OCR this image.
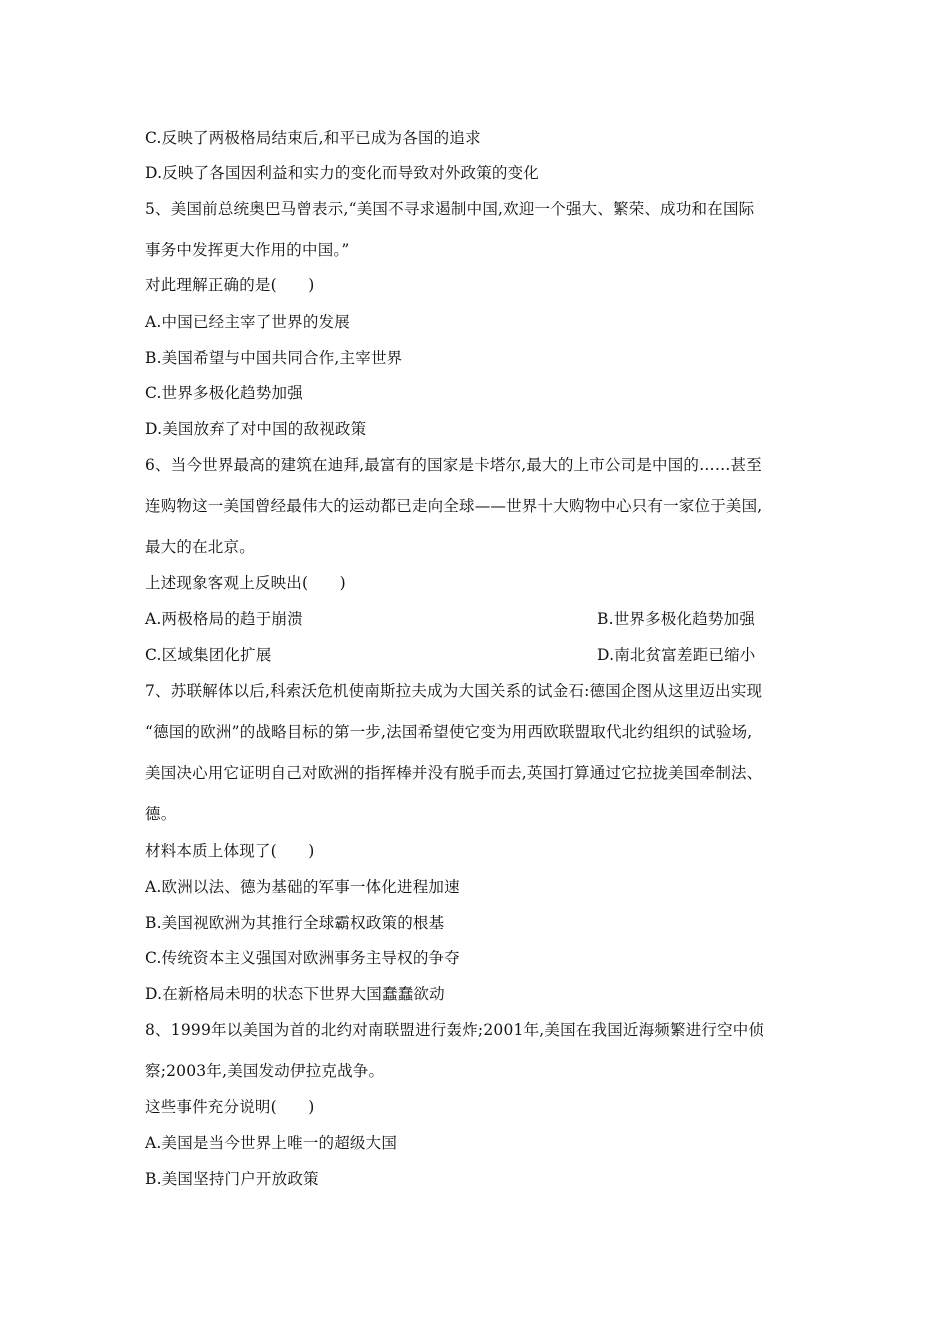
C.反映了两极格局结束后,和平已成为各国的追求
D.反映了各国因利益和实力的变化而导致对外政策的变化
5、美国前总统奥巴马曾表示,“美国不寻求遏制中国,欢迎一个强大、繁荣、成功和在国际
事务中发挥更大作用的中国。”
对此理解正确的是(　　)
A.中国已经主宰了世界的发展
B.美国希望与中国共同合作,主宰世界
C.世界多极化趋势加强
D.美国放弃了对中国的敌视政策
6、当今世界最高的建筑在迪拜,最富有的国家是卡塔尔,最大的上市公司是中国的……甚至
连购物这一美国曾经最伟大的运动都已走向全球——世界十大购物中心只有一家位于美国,
最大的在北京。
上述现象客观上反映出(　　)
A.两极格局的趋于崩溃	B.世界多极化趋势加强
C.区域集团化扩展	D.南北贫富差距已缩小
7、苏联解体以后,科索沃危机使南斯拉夫成为大国关系的试金石:德国企图从这里迈出实现
“德国的欧洲”的战略目标的第一步,法国希望使它变为用西欧联盟取代北约组织的试验场,
美国决心用它证明自己对欧洲的指挥棒并没有脱手而去,英国打算通过它拉拢美国牵制法、
德。
材料本质上体现了(　　)
A.欧洲以法、德为基础的军事一体化进程加速
B.美国视欧洲为其推行全球霸权政策的根基
C.传统资本主义强国对欧洲事务主导权的争夺
D.在新格局未明的状态下世界大国蠢蠢欲动
8、1999年以美国为首的北约对南联盟进行轰炸;2001年,美国在我国近海频繁进行空中侦
察;2003年,美国发动伊拉克战争。
这些事件充分说明(　　)
A.美国是当今世界上唯一的超级大国
B.美国坚持门户开放政策
